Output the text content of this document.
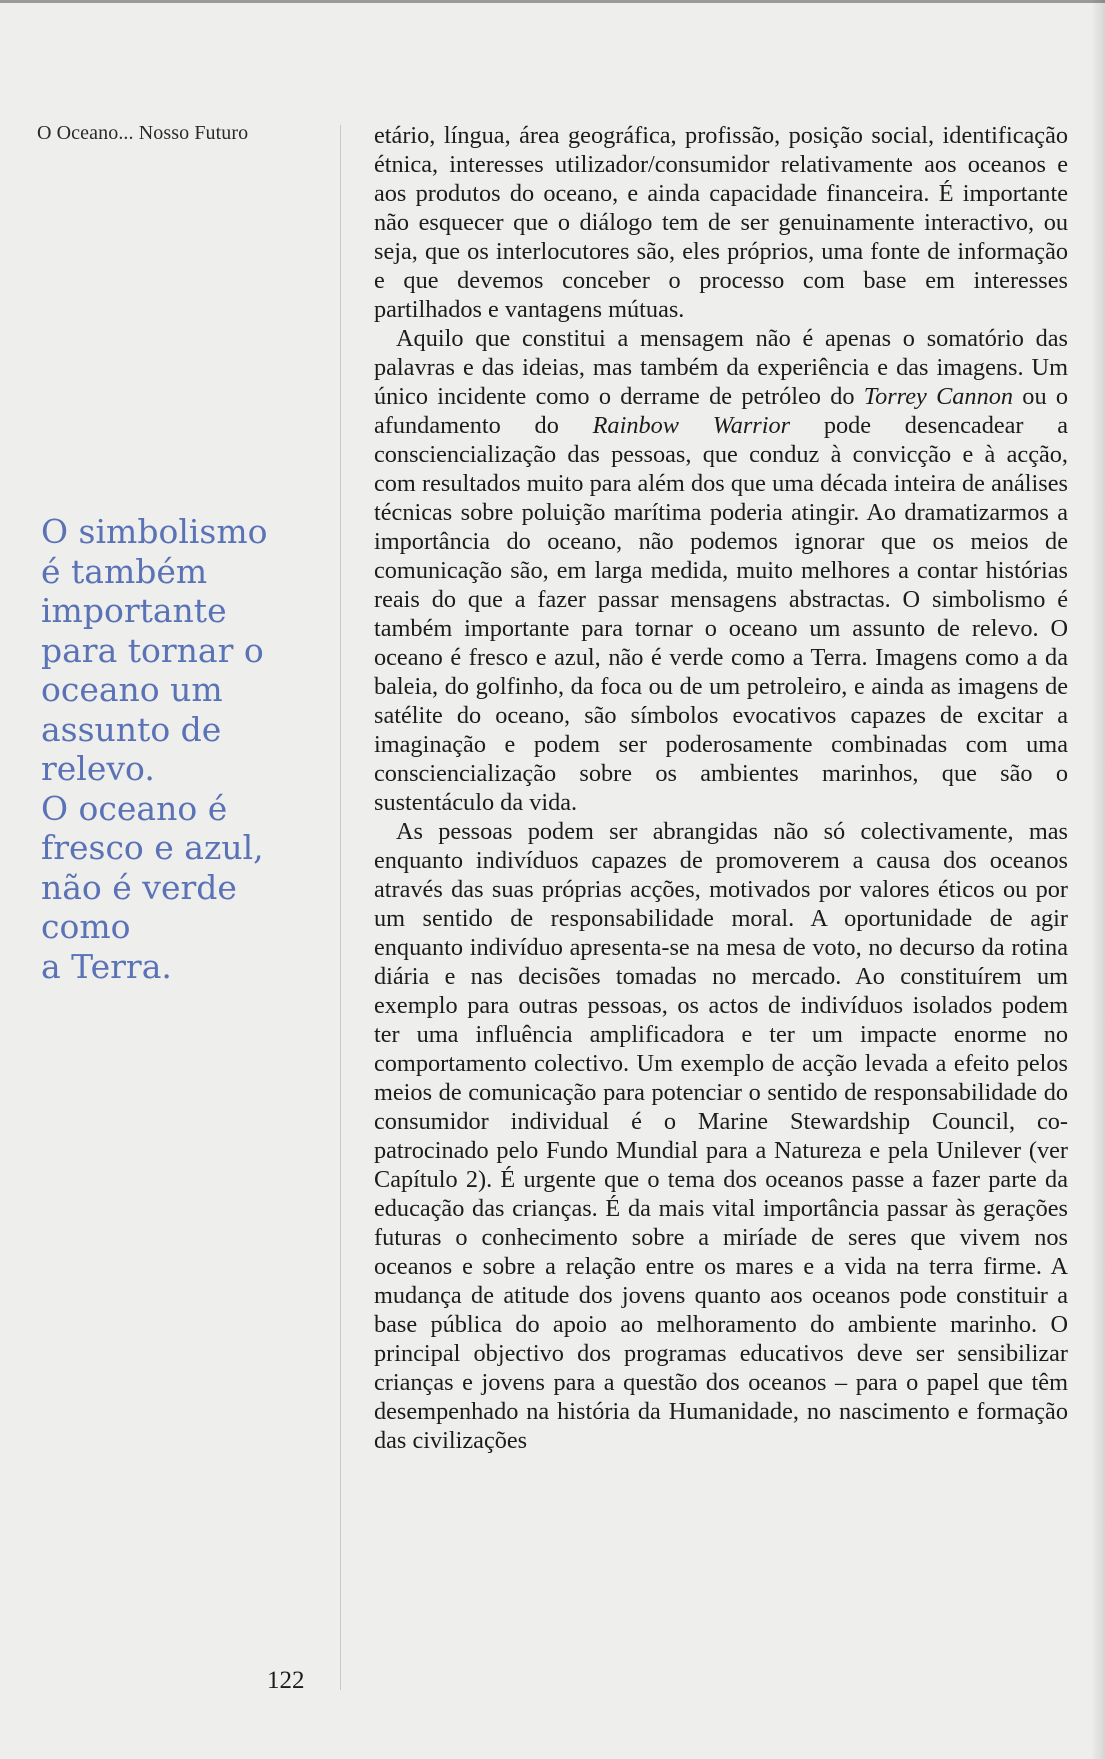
O Oceano... Nosso Futuro

O simbolismo

é também

importante

para tornar o

oceano um

assunto de

relevo.

O oceano é

fresco e azul,

não é verde

como

a Terra.

etário, língua, área geográfica, profissão, posição social, identificação étnica, interesses utilizador/consumidor relativamente aos oceanos e aos produtos do oceano, e ainda capacidade financeira. É importante não esquecer que o diálogo tem de ser genuinamente interactivo, ou seja, que os interlocutores são, eles próprios, uma fonte de informação e que devemos conceber o processo com base em interesses partilhados e vantagens mútuas.

Aquilo que constitui a mensagem não é apenas o somatório das palavras e das ideias, mas também da experiência e das imagens. Um único incidente como o derrame de petróleo do Torrey Cannon ou o afundamento do Rainbow Warrior pode desencadear a consciencialização das pessoas, que conduz à convicção e à acção, com resultados muito para além dos que uma década inteira de análises técnicas sobre poluição marítima poderia atingir. Ao dramatizarmos a importância do oceano, não podemos ignorar que os meios de comunicação são, em larga medida, muito melhores a contar histórias reais do que a fazer passar mensagens abstractas. O simbolismo é também importante para tornar o oceano um assunto de relevo. O oceano é fresco e azul, não é verde como a Terra. Imagens como a da baleia, do golfinho, da foca ou de um petroleiro, e ainda as imagens de satélite do oceano, são símbolos evocativos capazes de excitar a imaginação e podem ser poderosamente combinadas com uma consciencialização sobre os ambientes marinhos, que são o sustentáculo da vida.

As pessoas podem ser abrangidas não só colectivamente, mas enquanto indivíduos capazes de promoverem a causa dos oceanos através das suas próprias acções, motivados por valores éticos ou por um sentido de responsabilidade moral. A oportunidade de agir enquanto indivíduo apresenta-se na mesa de voto, no decurso da rotina diária e nas decisões tomadas no mercado. Ao constituírem um exemplo para outras pessoas, os actos de indivíduos isolados podem ter uma influência amplificadora e ter um impacte enorme no comportamento colectivo. Um exemplo de acção levada a efeito pelos meios de comunicação para potenciar o sentido de responsabilidade do consumidor individual é o Marine Stewardship Council, co-patrocinado pelo Fundo Mundial para a Natureza e pela Unilever (ver Capítulo 2). É urgente que o tema dos oceanos passe a fazer parte da educação das crianças. É da mais vital importância passar às gerações futuras o conhecimento sobre a miríade de seres que vivem nos oceanos e sobre a relação entre os mares e a vida na terra firme. A mudança de atitude dos jovens quanto aos oceanos pode constituir a base pública do apoio ao melhoramento do ambiente marinho. O principal objectivo dos programas educativos deve ser sensibilizar crianças e jovens para a questão dos oceanos – para o papel que têm desempenhado na história da Humanidade, no nascimento e formação das civilizações

122
